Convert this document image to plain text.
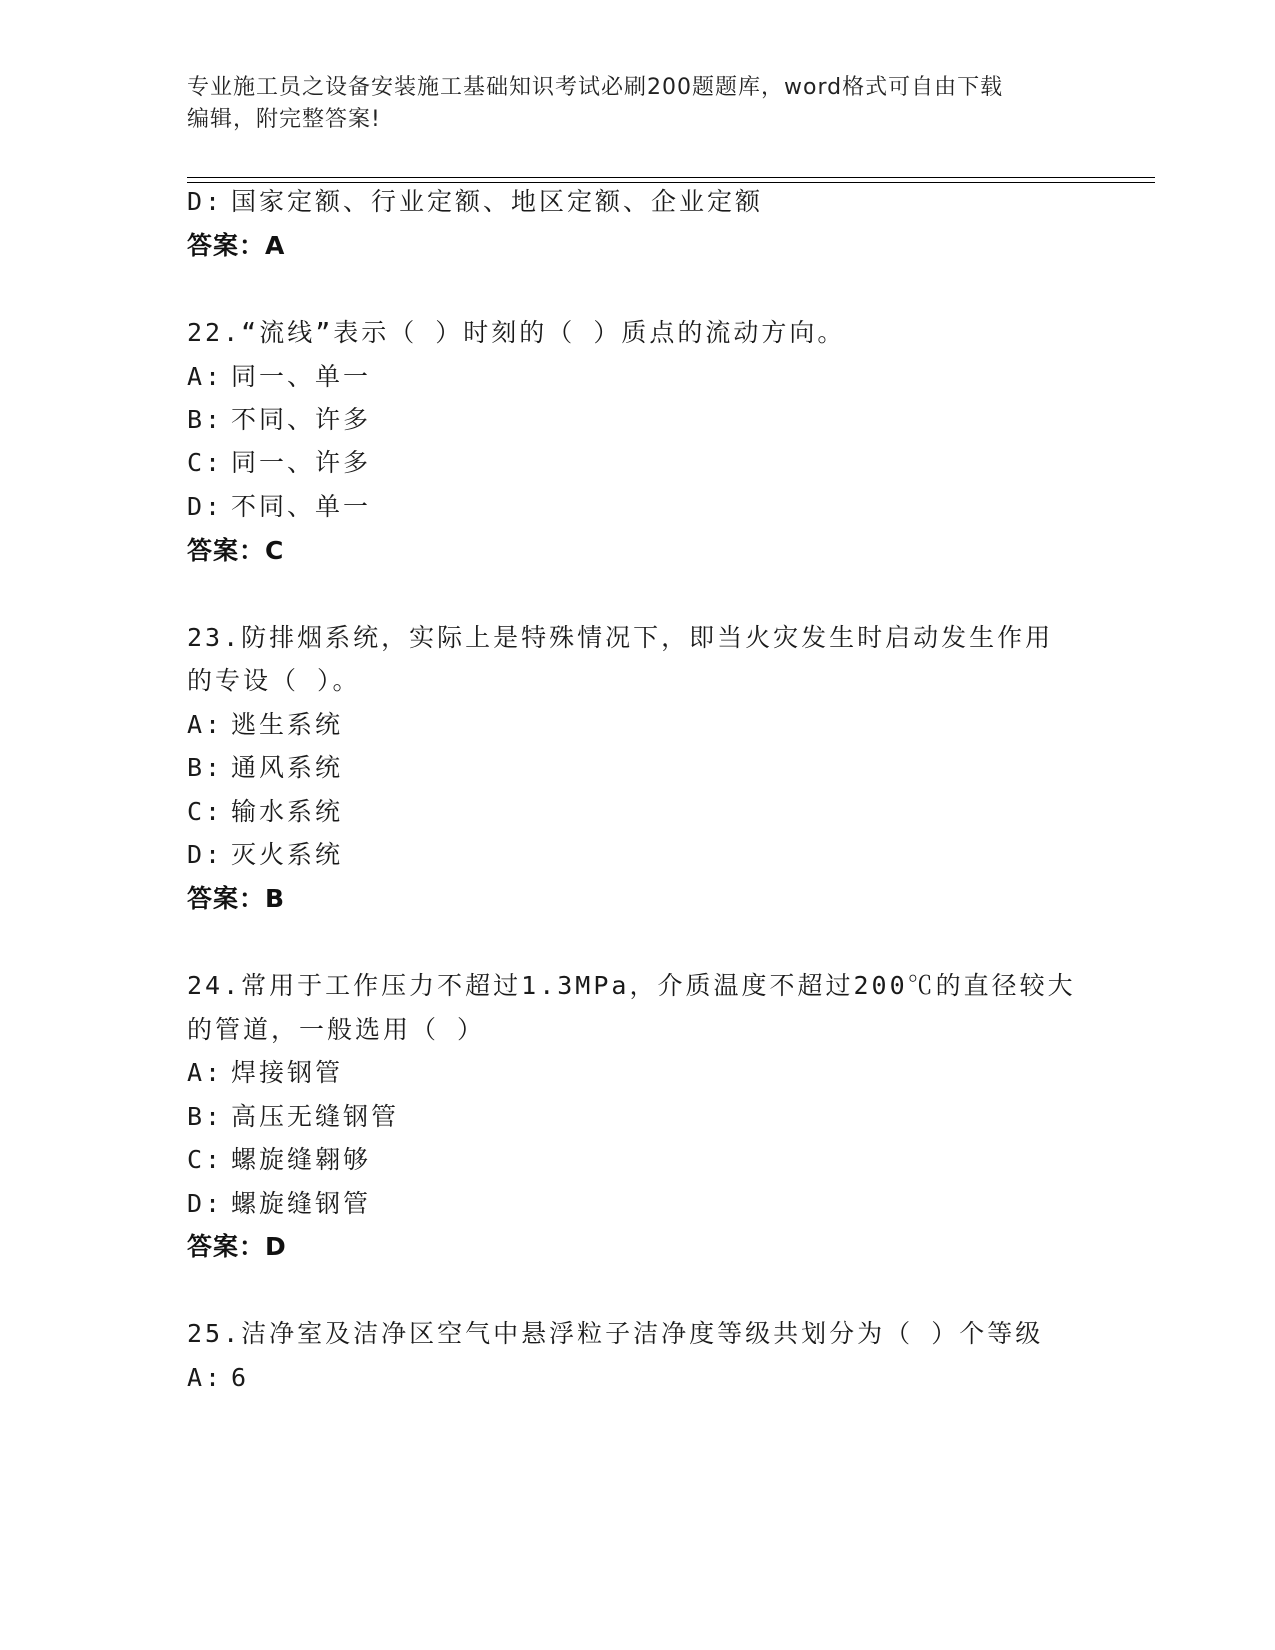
专业施工员之设备安装施工基础知识考试必刷200题题库，word格式可自由下载
编辑，附完整答案!
D: 国家定额、行业定额、地区定额、企业定额
答案：A
22.“流线”表示（ ）时刻的（ ）质点的流动方向。
A: 同一、单一
B: 不同、许多
C: 同一、许多
D: 不同、单一
答案：C
23.防排烟系统，实际上是特殊情况下，即当火灾发生时启动发生作用
的专设（ ）。
A: 逃生系统
B: 通风系统
C: 输水系统
D: 灭火系统
答案：B
24.常用于工作压力不超过1.3MPa，介质温度不超过200℃的直径较大
的管道，一般选用（ ）
A: 焊接钢管
B: 高压无缝钢管
C: 螺旋缝翱够
D: 螺旋缝钢管
答案：D
25.洁净室及洁净区空气中悬浮粒子洁净度等级共划分为（ ）个等级
A: 6
